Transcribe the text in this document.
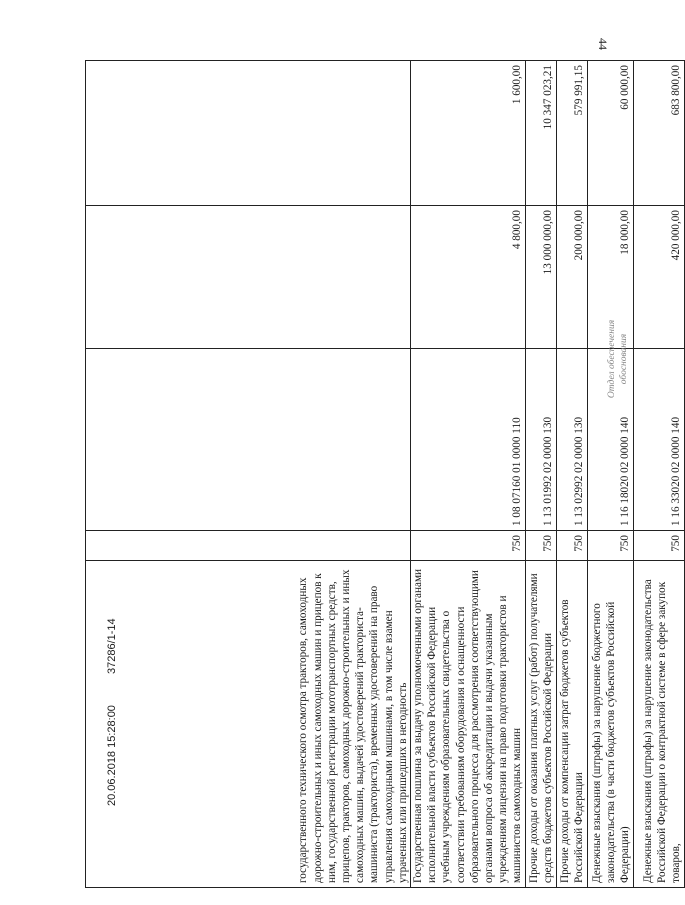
44
государственного технического осмотра тракторов, самоходных дорожно-строительных и иных самоходных машин и прицепов к ним, государственной регистрации мототранспортных средств, прицепов, тракторов, самоходных дорожно-строительных и иных самоходных машин, выдачей удостоверений тракториста-машиниста (тракториста), временных удостоверений на право управления самоходными машинами, в том числе взамен утраченных или пришедших в негодность				
Государственная пошлина за выдачу уполномоченными органами исполнительной власти субъектов Российской Федерации учебным учреждениям образовательных свидетельства о соответствии требованиям оборудования и оснащенности образовательного процесса для рассмотрения соответствующими органами вопроса об аккредитации и выдачи указанным учреждениям лицензии на право подготовки трактористов и машинистов самоходных машин	750	1 08 07160 01 0000 110	4 800,00	1 600,00
Прочие доходы от оказания платных услуг (работ) получателями средств бюджетов субъектов Российской Федерации	750	1 13 01992 02 0000 130	13 000 000,00	10 347 023,21
Прочие доходы от компенсации затрат бюджетов субъектов Российской Федерации	750	1 13 02992 02 0000 130	200 000,00	579 991,15
Денежные взыскания (штрафы) за нарушение бюджетного законодательства (в части бюджетов субъектов Российской Федерации)	750	1 16 18020 02 0000 140	18 000,00	60 000,00
Денежные взыскания (штрафы) за нарушение законодательства Российской Федерации о контрактной системе в сфере закупок товаров,	750	1 16 33020 02 0000 140	420 000,00	683 800,00
20.06.2018 15:28:00 37286/1-14
Отдел обеспечения обоснования
